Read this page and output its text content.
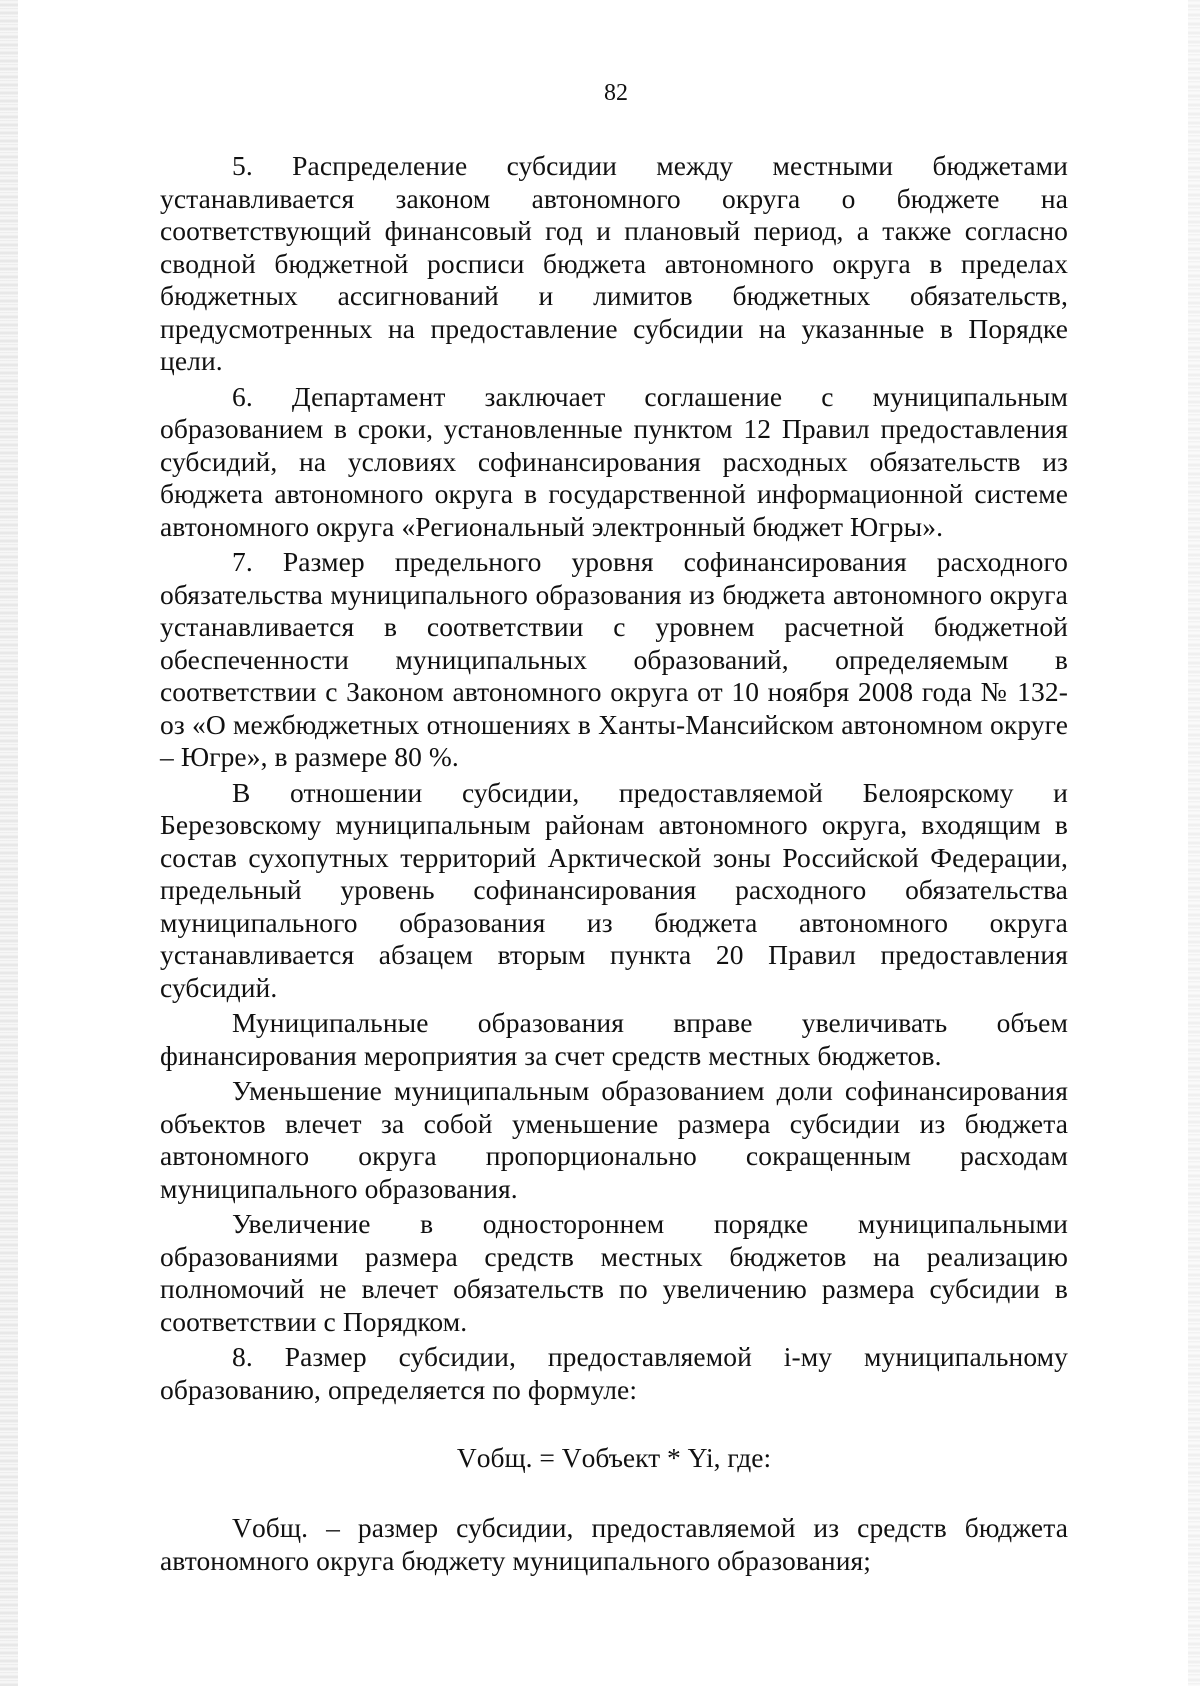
82

5. Распределение субсидии между местными бюджетами устанавливается законом автономного округа о бюджете на соответствующий финансовый год и плановый период, а также согласно сводной бюджетной росписи бюджета автономного округа в пределах бюджетных ассигнований и лимитов бюджетных обязательств, предусмотренных на предоставление субсидии на указанные в Порядке цели.

6. Департамент заключает соглашение с муниципальным образованием в сроки, установленные пунктом 12 Правил предоставления субсидий, на условиях софинансирования расходных обязательств из бюджета автономного округа в государственной информационной системе автономного округа «Региональный электронный бюджет Югры».

7. Размер предельного уровня софинансирования расходного обязательства муниципального образования из бюджета автономного округа устанавливается в соответствии с уровнем расчетной бюджетной обеспеченности муниципальных образований, определяемым в соответствии с Законом автономного округа от 10 ноября 2008 года № 132-оз «О межбюджетных отношениях в Ханты-Мансийском автономном округе – Югре», в размере 80 %.

В отношении субсидии, предоставляемой Белоярскому и Березовскому муниципальным районам автономного округа, входящим в состав сухопутных территорий Арктической зоны Российской Федерации, предельный уровень софинансирования расходного обязательства муниципального образования из бюджета автономного округа устанавливается абзацем вторым пункта 20 Правил предоставления субсидий.

Муниципальные образования вправе увеличивать объем финансирования мероприятия за счет средств местных бюджетов.

Уменьшение муниципальным образованием доли софинансирования объектов влечет за собой уменьшение размера субсидии из бюджета автономного округа пропорционально сокращенным расходам муниципального образования.

Увеличение в одностороннем порядке муниципальными образованиями размера средств местных бюджетов на реализацию полномочий не влечет обязательств по увеличению размера субсидии в соответствии с Порядком.

8. Размер субсидии, предоставляемой i-му муниципальному образованию, определяется по формуле:

Vобщ. = Vобъект * Yi, где:

Vобщ. – размер субсидии, предоставляемой из средств бюджета автономного округа бюджету муниципального образования;
